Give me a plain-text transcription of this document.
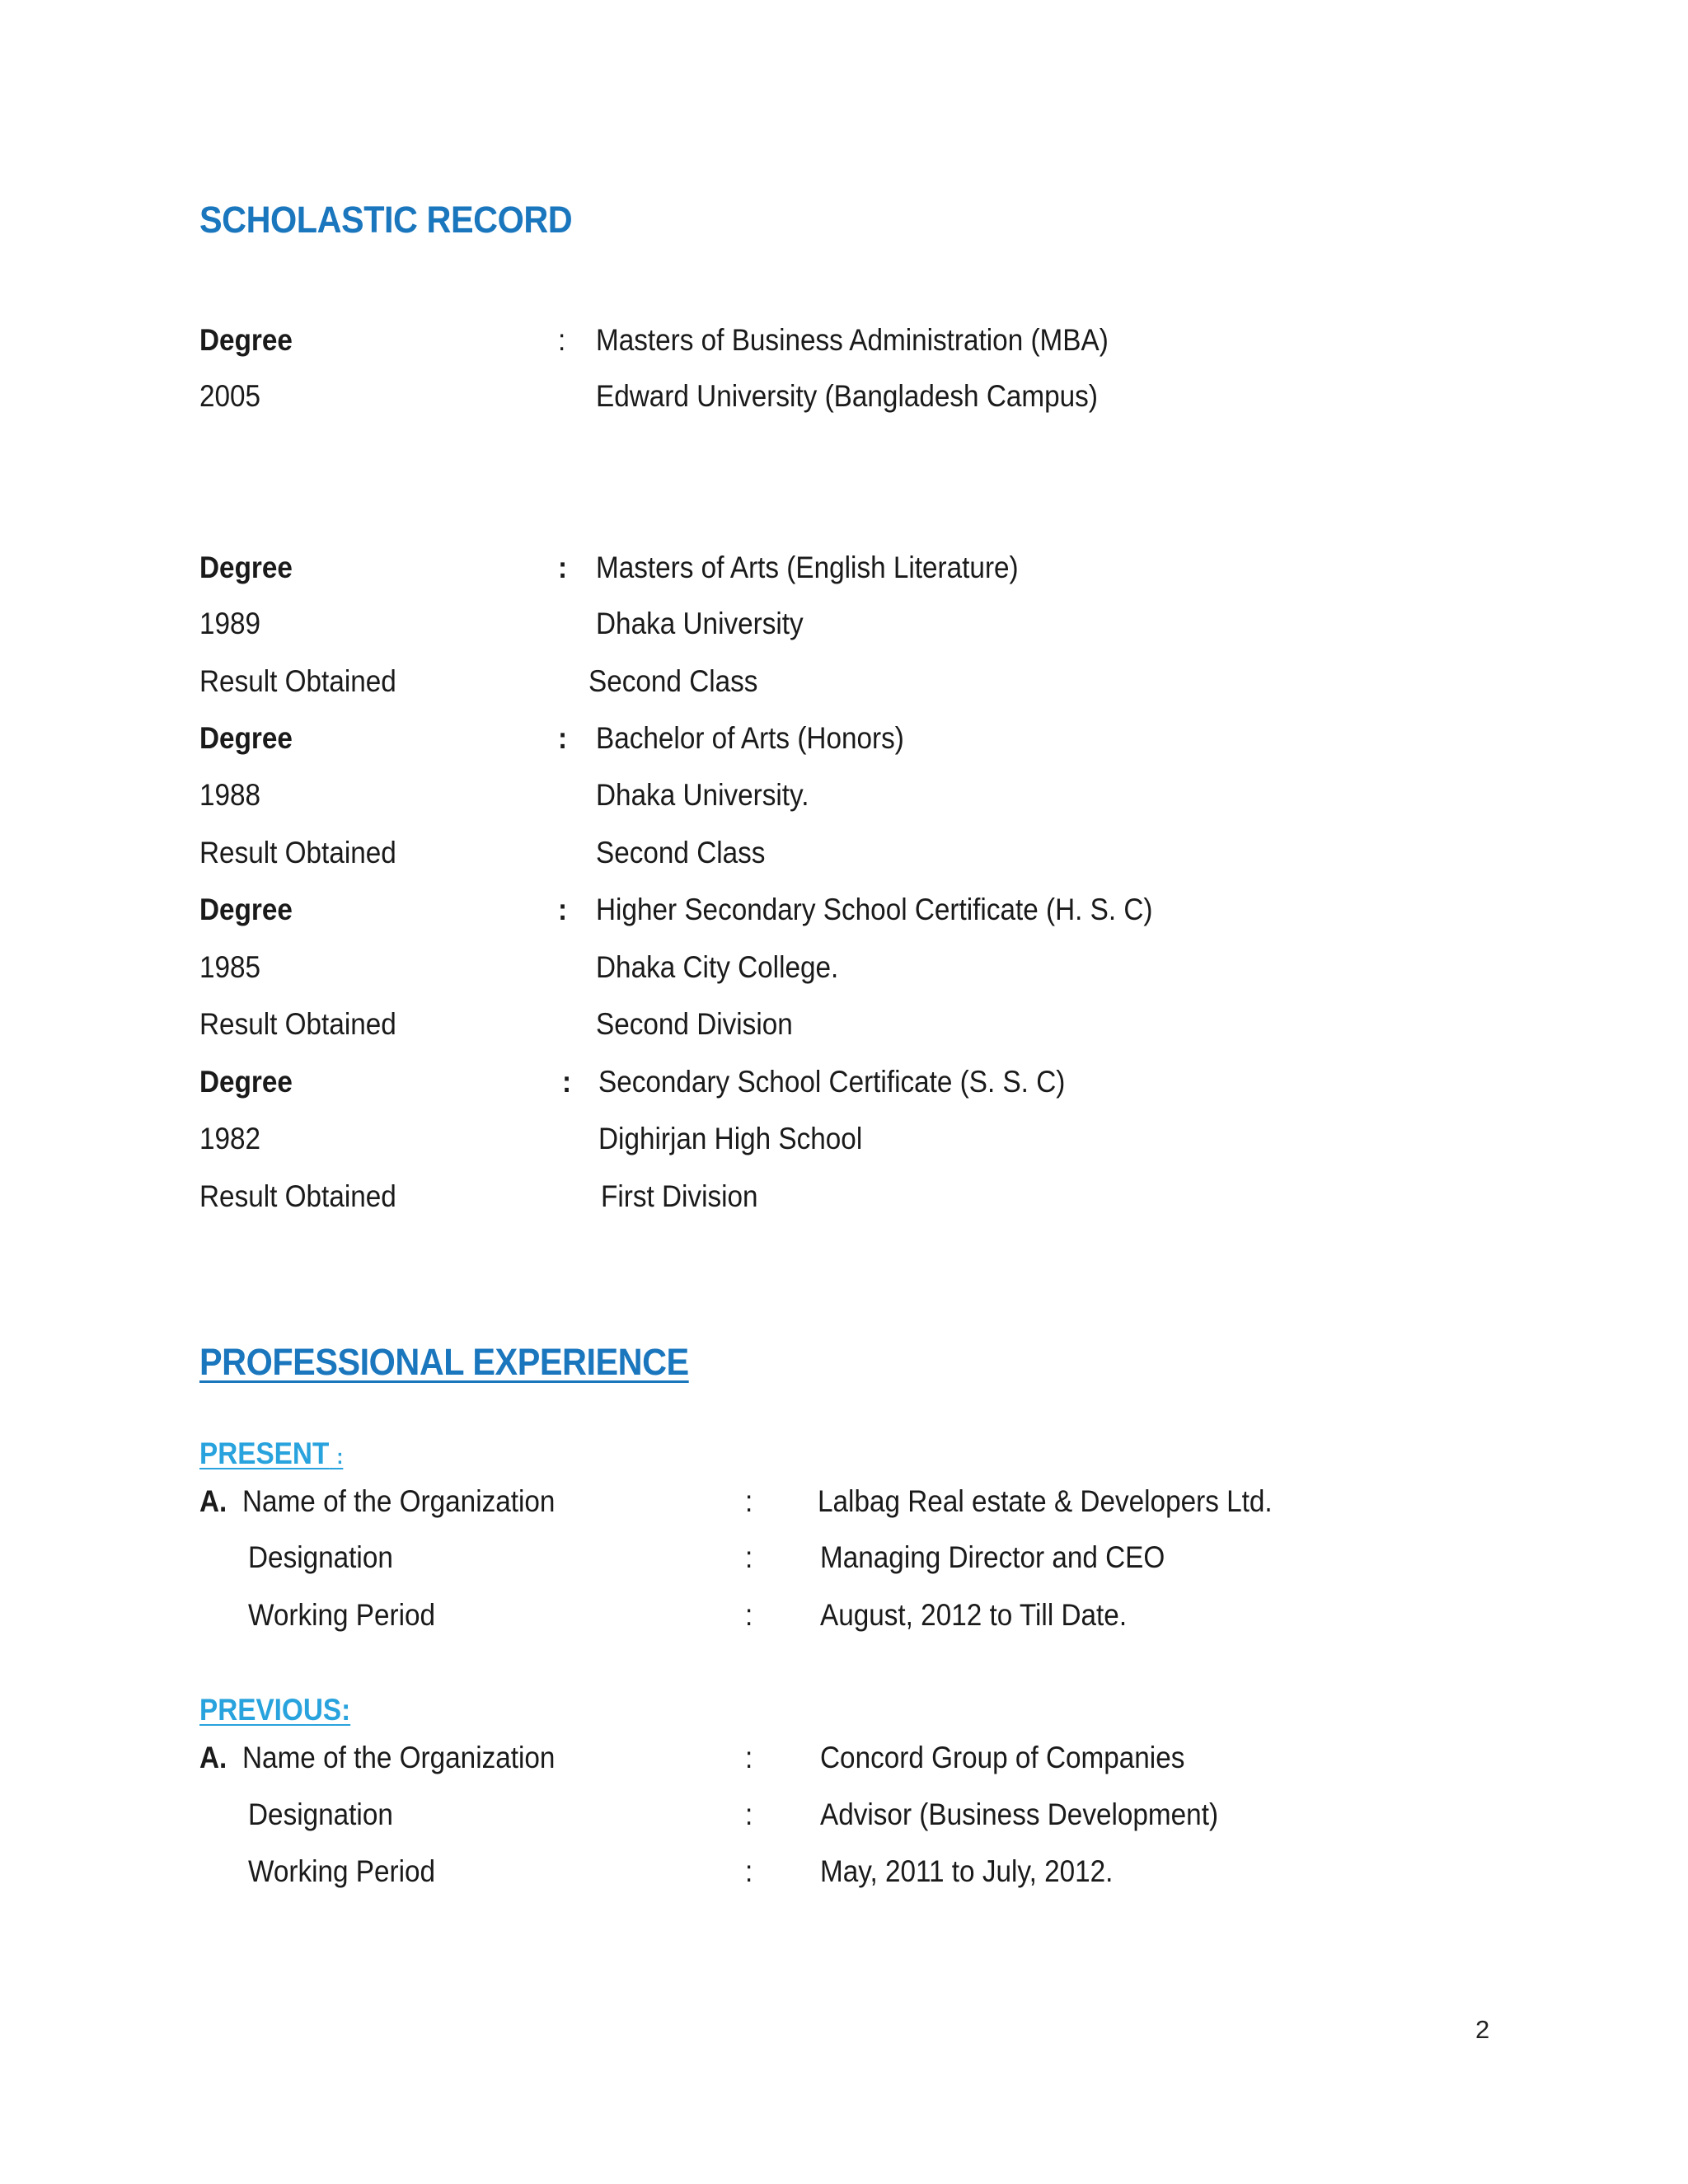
SCHOLASTIC RECORD
Degree	: Masters of Business Administration (MBA)
2005	Edward University (Bangladesh Campus)
Degree	: Masters of Arts (English Literature)
1989	Dhaka University
Result Obtained	Second Class
Degree	: Bachelor of Arts (Honors)
1988	Dhaka University.
Result Obtained	Second Class
Degree	: Higher Secondary School Certificate (H. S. C)
1985	Dhaka City College.
Result Obtained	Second Division
Degree	: Secondary School Certificate (S. S. C)
1982	Dighirjan High School
Result Obtained	First Division
PROFESSIONAL EXPERIENCE
PRESENT :
A. Name of the Organization	: Lalbag Real estate & Developers Ltd.
Designation	: Managing Director and CEO
Working Period	: August, 2012 to Till Date.
PREVIOUS:
A. Name of the Organization	: Concord Group of Companies
Designation	: Advisor (Business Development)
Working Period	: May, 2011 to July, 2012.
2
